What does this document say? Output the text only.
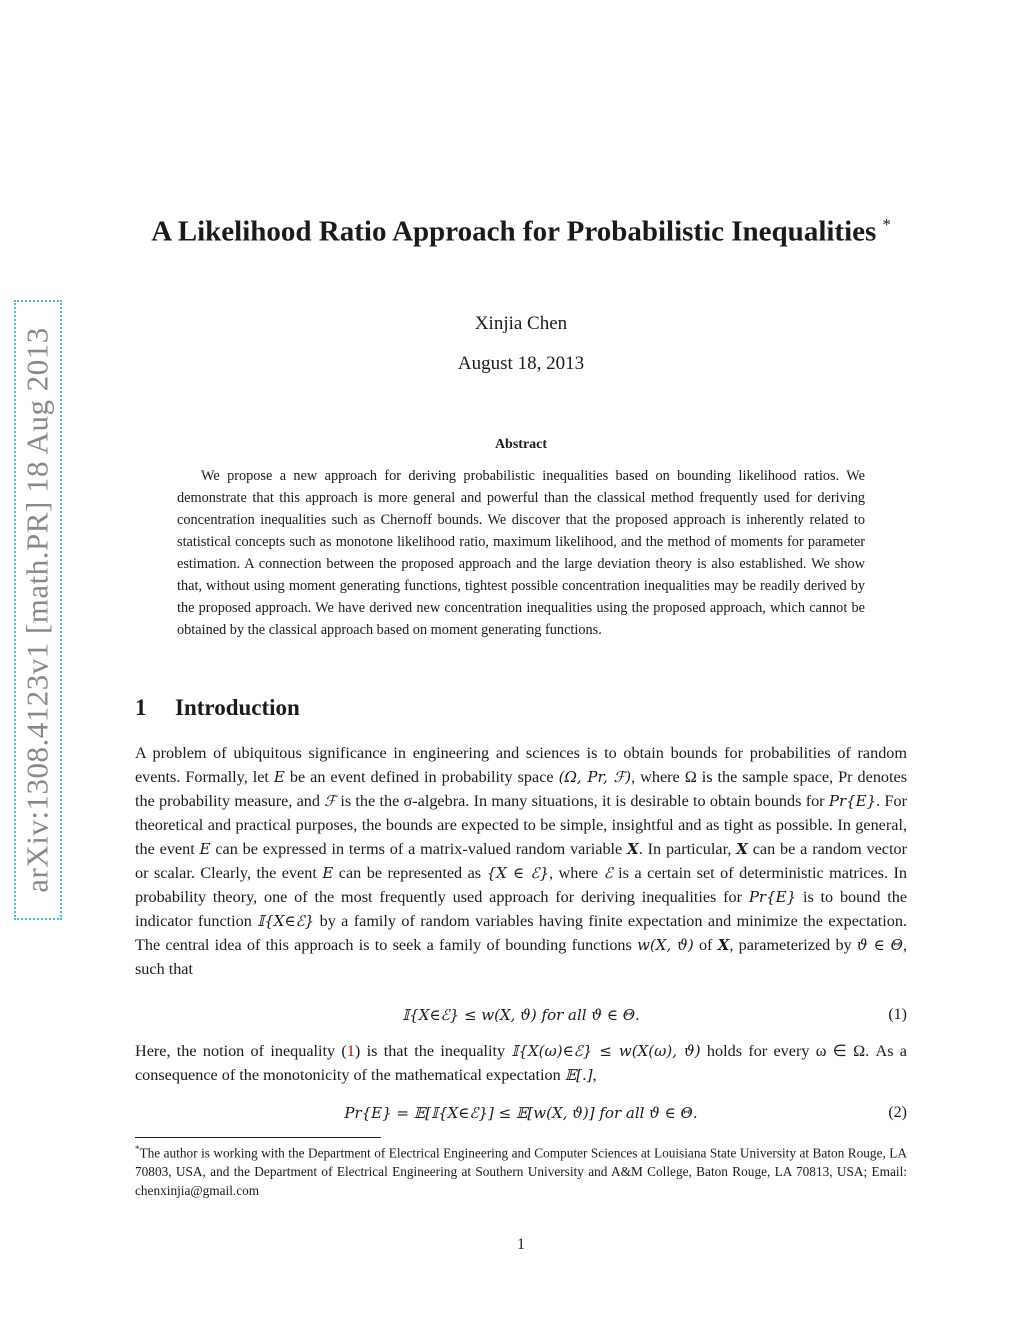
arXiv:1308.4123v1 [math.PR] 18 Aug 2013
A Likelihood Ratio Approach for Probabilistic Inequalities *
Xinjia Chen
August 18, 2013
Abstract
We propose a new approach for deriving probabilistic inequalities based on bounding likelihood ratios. We demonstrate that this approach is more general and powerful than the classical method frequently used for deriving concentration inequalities such as Chernoff bounds. We discover that the proposed approach is inherently related to statistical concepts such as monotone likelihood ratio, maximum likelihood, and the method of moments for parameter estimation. A connection between the proposed approach and the large deviation theory is also established. We show that, without using moment generating functions, tightest possible concentration inequalities may be readily derived by the proposed approach. We have derived new concentration inequalities using the proposed approach, which cannot be obtained by the classical approach based on moment generating functions.
1 Introduction
A problem of ubiquitous significance in engineering and sciences is to obtain bounds for probabilities of random events. Formally, let E be an event defined in probability space (Ω, Pr, ℱ), where Ω is the sample space, Pr denotes the probability measure, and ℱ is the the σ-algebra. In many situations, it is desirable to obtain bounds for Pr{E}. For theoretical and practical purposes, the bounds are expected to be simple, insightful and as tight as possible. In general, the event E can be expressed in terms of a matrix-valued random variable X. In particular, X can be a random vector or scalar. Clearly, the event E can be represented as {X ∈ ℰ}, where ℰ is a certain set of deterministic matrices. In probability theory, one of the most frequently used approach for deriving inequalities for Pr{E} is to bound the indicator function 𝕀{X∈ℰ} by a family of random variables having finite expectation and minimize the expectation. The central idea of this approach is to seek a family of bounding functions w(X, ϑ) of X, parameterized by ϑ ∈ Θ, such that
𝕀{X∈ℰ} ≤ w(X, ϑ) for all ϑ ∈ Θ.	(1)
Here, the notion of inequality (1) is that the inequality 𝕀{X(ω)∈ℰ} ≤ w(X(ω), ϑ) holds for every ω ∈ Ω. As a consequence of the monotonicity of the mathematical expectation 𝔼[.],
Pr{E} = 𝔼[𝕀{X∈ℰ}] ≤ 𝔼[w(X, ϑ)] for all ϑ ∈ Θ.	(2)
*The author is working with the Department of Electrical Engineering and Computer Sciences at Louisiana State University at Baton Rouge, LA 70803, USA, and the Department of Electrical Engineering at Southern University and A&M College, Baton Rouge, LA 70813, USA; Email: chenxinjia@gmail.com
1
